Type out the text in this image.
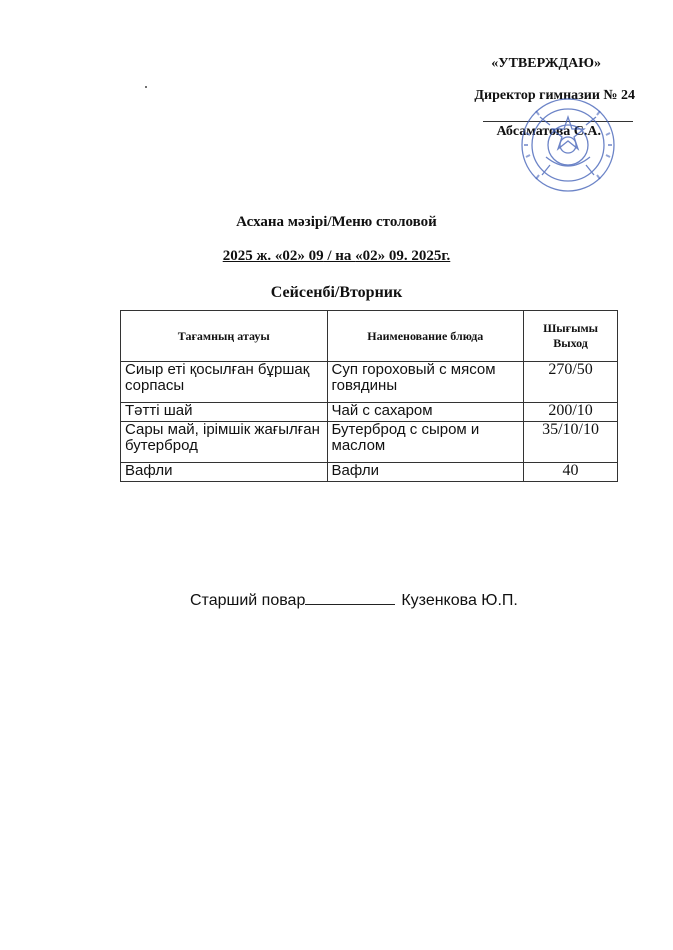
«УТВЕРЖДАЮ»
Директор гимназии № 24
Абсаматова С.А.
Асхана мәзірі/Меню столовой
2025 ж. «02» 09 / на «02» 09. 2025г.
Сейсенбі/Вторник
Тағамның атауы	Наименование блюда	Шығымы Выход
Сиыр еті қосылған бұршақ сорпасы	Суп гороховый с мясом говядины	270/50
Тәтті шай	Чай с сахаром	200/10
Сары май, ірімшік жағылған бутерброд	Бутерброд с сыром и маслом	35/10/10
Вафли	Вафли	40
Старший повар	Кузенкова Ю.П.
